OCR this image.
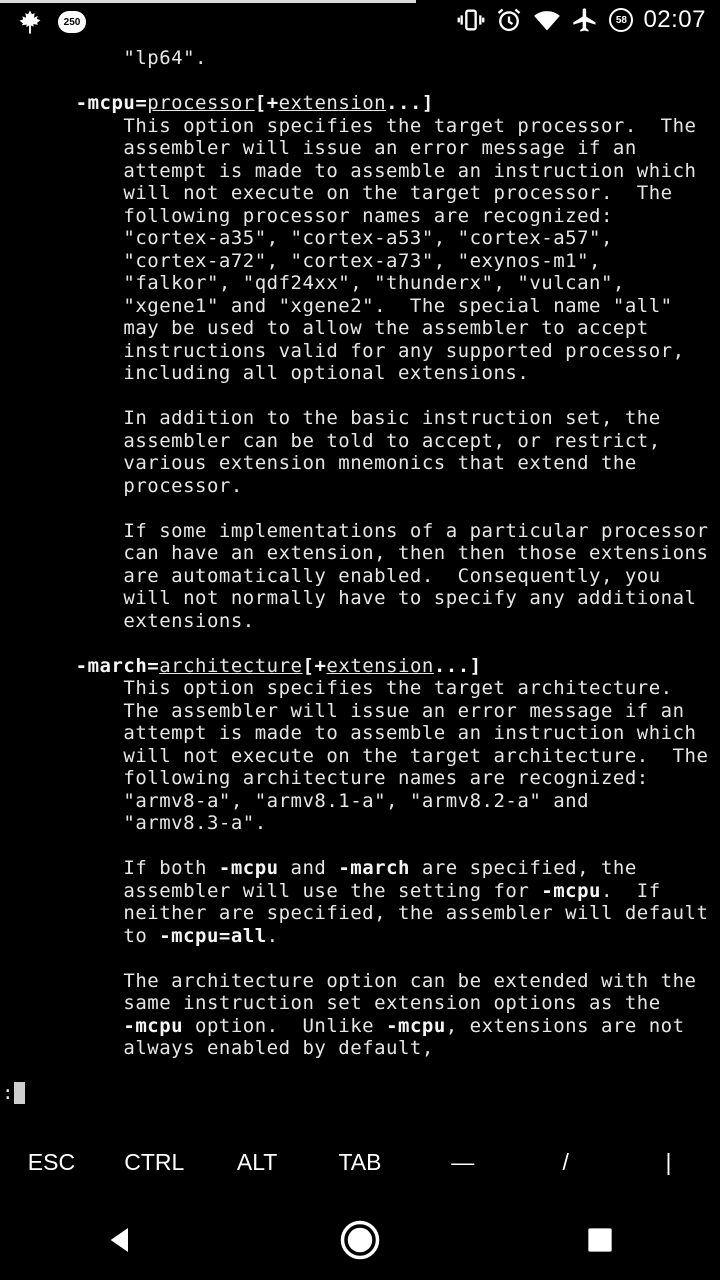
250	58 02:07
"lp64".

-mcpu=processor[+extension...]
This option specifies the target processor.  The
assembler will issue an error message if an
attempt is made to assemble an instruction which
will not execute on the target processor.  The
following processor names are recognized:
"cortex-a35", "cortex-a53", "cortex-a57",
"cortex-a72", "cortex-a73", "exynos-m1",
"falkor", "qdf24xx", "thunderx", "vulcan",
"xgene1" and "xgene2".  The special name "all"
may be used to allow the assembler to accept
instructions valid for any supported processor,
including all optional extensions.

In addition to the basic instruction set, the
assembler can be told to accept, or restrict,
various extension mnemonics that extend the
processor.

If some implementations of a particular processor
can have an extension, then then those extensions
are automatically enabled.  Consequently, you
will not normally have to specify any additional
extensions.

-march=architecture[+extension...]
This option specifies the target architecture.
The assembler will issue an error message if an
attempt is made to assemble an instruction which
will not execute on the target architecture.  The
following architecture names are recognized:
"armv8-a", "armv8.1-a", "armv8.2-a" and
"armv8.3-a".

If both -mcpu and -march are specified, the
assembler will use the setting for -mcpu.  If
neither are specified, the assembler will default
to -mcpu=all.

The architecture option can be extended with the
same instruction set extension options as the
-mcpu option.  Unlike -mcpu, extensions are not
always enabled by default,

:
ESC	CTRL	ALT	TAB	—	/	|
